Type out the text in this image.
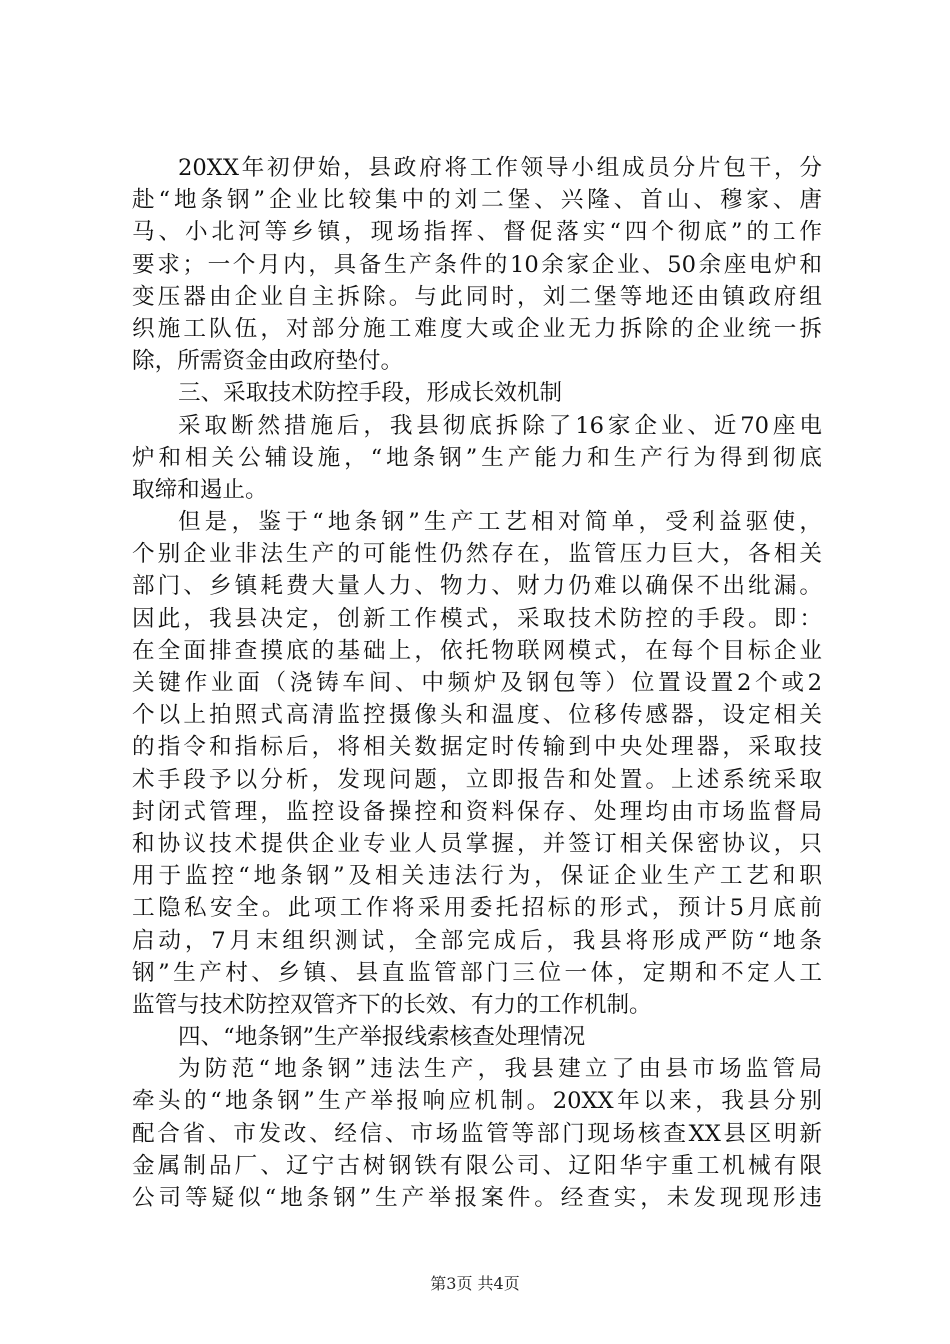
20XX年初伊始，县政府将工作领导小组成员分片包干，分
赴“地条钢”企业比较集中的刘二堡、兴隆、首山、穆家、唐
马、小北河等乡镇，现场指挥、督促落实“四个彻底”的工作
要求；一个月内，具备生产条件的10余家企业、50余座电炉和
变压器由企业自主拆除。与此同时，刘二堡等地还由镇政府组
织施工队伍，对部分施工难度大或企业无力拆除的企业统一拆
除，所需资金由政府垫付。
三、采取技术防控手段，形成长效机制
采取断然措施后，我县彻底拆除了16家企业、近70座电
炉和相关公辅设施，“地条钢”生产能力和生产行为得到彻底
取缔和遏止。
但是，鉴于“地条钢”生产工艺相对简单，受利益驱使，
个别企业非法生产的可能性仍然存在，监管压力巨大，各相关
部门、乡镇耗费大量人力、物力、财力仍难以确保不出纰漏。
因此，我县决定，创新工作模式，采取技术防控的手段。即：
在全面排查摸底的基础上，依托物联网模式，在每个目标企业
关键作业面（浇铸车间、中频炉及钢包等）位置设置2个或2
个以上拍照式高清监控摄像头和温度、位移传感器，设定相关
的指令和指标后，将相关数据定时传输到中央处理器，采取技
术手段予以分析，发现问题，立即报告和处置。上述系统采取
封闭式管理，监控设备操控和资料保存、处理均由市场监督局
和协议技术提供企业专业人员掌握，并签订相关保密协议，只
用于监控“地条钢”及相关违法行为，保证企业生产工艺和职
工隐私安全。此项工作将采用委托招标的形式，预计5月底前
启动，7月末组织测试，全部完成后，我县将形成严防“地条
钢”生产村、乡镇、县直监管部门三位一体，定期和不定人工
监管与技术防控双管齐下的长效、有力的工作机制。
四、“地条钢”生产举报线索核查处理情况
为防范“地条钢”违法生产，我县建立了由县市场监管局
牵头的“地条钢”生产举报响应机制。20XX年以来，我县分别
配合省、市发改、经信、市场监管等部门现场核查XX县区明新
金属制品厂、辽宁古树钢铁有限公司、辽阳华宇重工机械有限
公司等疑似“地条钢”生产举报案件。经查实，未发现现形违
第3页 共4页
